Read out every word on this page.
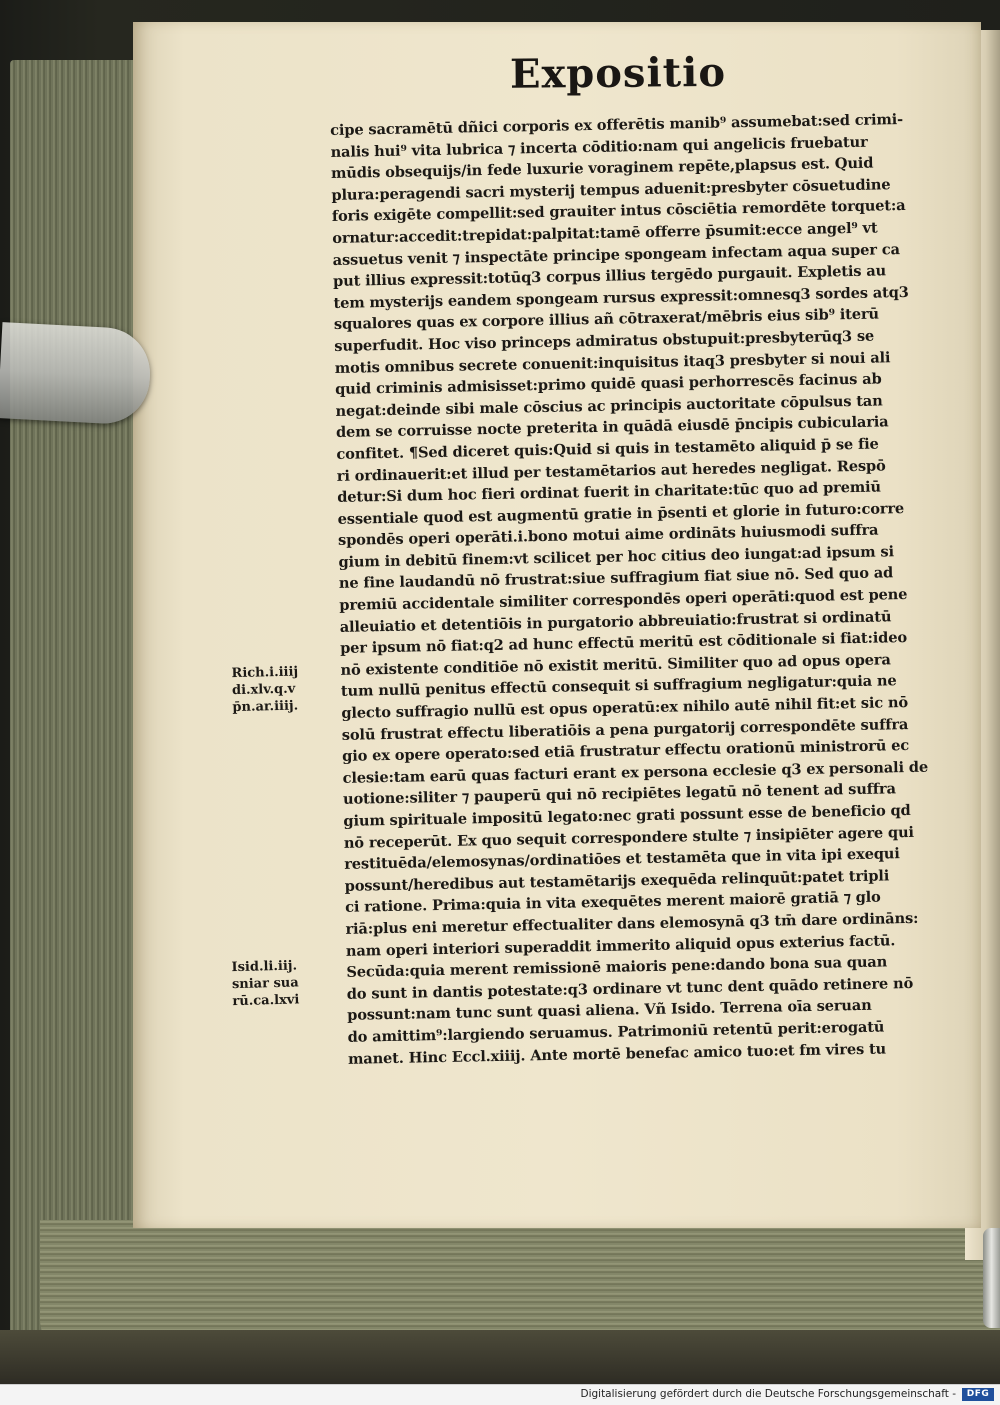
Expositio
cipe sacramētū dñici corporis ex offerētis manib⁹ assumebat:sed crimi-
nalis hui⁹ vita lubrica ⁊ incerta cōditio:nam qui angelicis fruebatur
mūdis obsequijs/in fede luxurie voraginem repēte,plapsus est. Quid
plura:peragendi sacri mysterij tempus aduenit:presbyter cōsuetudine
foris exigēte compellit:sed grauiter intus cōsciētia remordēte torquet:a
ornatur:accedit:trepidat:palpitat:tamē offerre p̄sumit:ecce angel⁹ vt
assuetus venit ⁊ inspectāte principe spongeam infectam aqua super ca
put illius expressit:totūq3 corpus illius tergēdo purgauit. Expletis au
tem mysterijs eandem spongeam rursus expressit:omnesq3 sordes atq3
squalores quas ex corpore illius añ cōtraxerat/mēbris eius sib⁹ iterū
superfudit. Hoc viso princeps admiratus obstupuit:presbyterūq3 se
motis omnibus secrete conuenit:inquisitus itaq3 presbyter si noui ali
quid criminis admisisset:primo quidē quasi perhorrescēs facinus ab
negat:deinde sibi male cōscius ac principis auctoritate cōpulsus tan
dem se corruisse nocte preterita in quādā eiusdē p̄ncipis cubicularia
confitet. ¶Sed diceret quis:Quid si quis in testamēto aliquid p̄ se fie
ri ordinauerit:et illud per testamētarios aut heredes negligat. Respō
detur:Si dum hoc fieri ordinat fuerit in charitate:tūc quo ad premiū
essentiale quod est augmentū gratie in p̄senti et glorie in futuro:corre
spondēs operi operāti.i.bono motui aime ordināts huiusmodi suffra
gium in debitū finem:vt scilicet per hoc citius deo iungat:ad ipsum si
ne fine laudandū nō frustrat:siue suffragium fiat siue nō. Sed quo ad
premiū accidentale similiter correspondēs operi operāti:quod est pene
alleuiatio et detentiōis in purgatorio abbreuiatio:frustrat si ordinatū
per ipsum nō fiat:q2 ad hunc effectū meritū est cōditionale si fiat:ideo
nō existente conditiōe nō existit meritū. Similiter quo ad opus opera
tum nullū penitus effectū consequit si suffragium negligatur:quia ne
glecto suffragio nullū est opus operatū:ex nihilo autē nihil fit:et sic nō
solū frustrat effectu liberatiōis a pena purgatorij correspondēte suffra
gio ex opere operato:sed etiā frustratur effectu orationū ministrorū ec
clesie:tam earū quas facturi erant ex persona ecclesie q3 ex personali de
uotione:siliter ⁊ pauperū qui nō recipiētes legatū nō tenent ad suffra
gium spirituale impositū legato:nec grati possunt esse de beneficio qd
nō receperūt. Ex quo sequit correspondere stulte ⁊ insipiēter agere qui
restituēda/elemosynas/ordinatiōes et testamēta que in vita ipi exequi
possunt/heredibus aut testamētarijs exequēda relinquūt:patet tripli
ci ratione. Prima:quia in vita exequētes merent maiorē gratiā ⁊ glo
riā:plus eni meretur effectualiter dans elemosynā q3 tm̄ dare ordināns:
nam operi interiori superaddit immerito aliquid opus exterius factū.
Secūda:quia merent remissionē maioris pene:dando bona sua quan
do sunt in dantis potestate:q3 ordinare vt tunc dent quādo retinere nō
possunt:nam tunc sunt quasi aliena. Vñ Isido. Terrena oīa seruan
do amittim⁹:largiendo seruamus. Patrimoniū retentū perit:erogatū
manet. Hinc Eccl.xiiij. Ante mortē benefac amico tuo:et fm vires tu
Rich.i.iiij
di.xlv.q.v
p̄n.ar.iiij.
Isid.li.iij.
sniar sua
rū.ca.lxvi
Digitalisierung gefördert durch die Deutsche Forschungsgemeinschaft -	DFG
